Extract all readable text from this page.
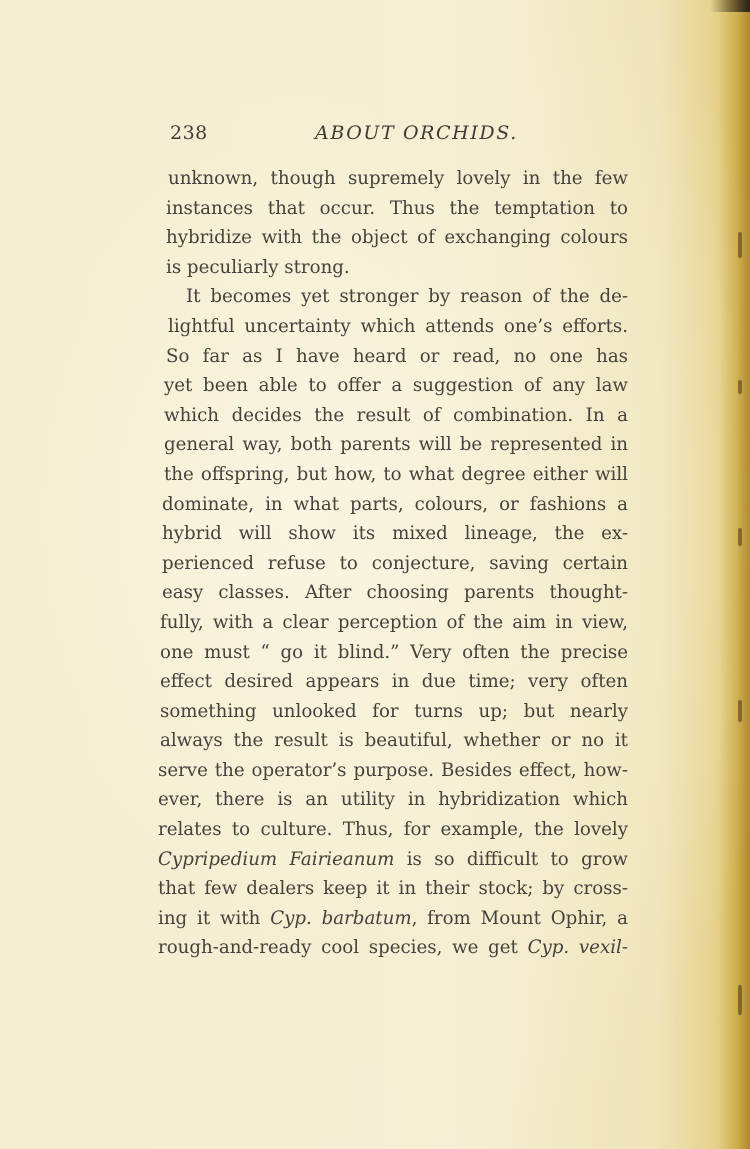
238	ABOUT ORCHIDS.
unknown, though supremely lovely in the few
instances that occur. Thus the temptation to
hybridize with the object of exchanging colours
is peculiarly strong.
It becomes yet stronger by reason of the de-
lightful uncertainty which attends one’s efforts.
So far as I have heard or read, no one has
yet been able to offer a suggestion of any law
which decides the result of combination. In a
general way, both parents will be represented in
the offspring, but how, to what degree either will
dominate, in what parts, colours, or fashions a
hybrid will show its mixed lineage, the ex-
perienced refuse to conjecture, saving certain
easy classes. After choosing parents thought-
fully, with a clear perception of the aim in view,
one must “ go it blind.” Very often the precise
effect desired appears in due time; very often
something unlooked for turns up; but nearly
always the result is beautiful, whether or no it
serve the operator’s purpose. Besides effect, how-
ever, there is an utility in hybridization which
relates to culture. Thus, for example, the lovely
Cypripedium Fairieanum is so difficult to grow
that few dealers keep it in their stock; by cross-
ing it with Cyp. barbatum, from Mount Ophir, a
rough-and-ready cool species, we get Cyp. vexil-
